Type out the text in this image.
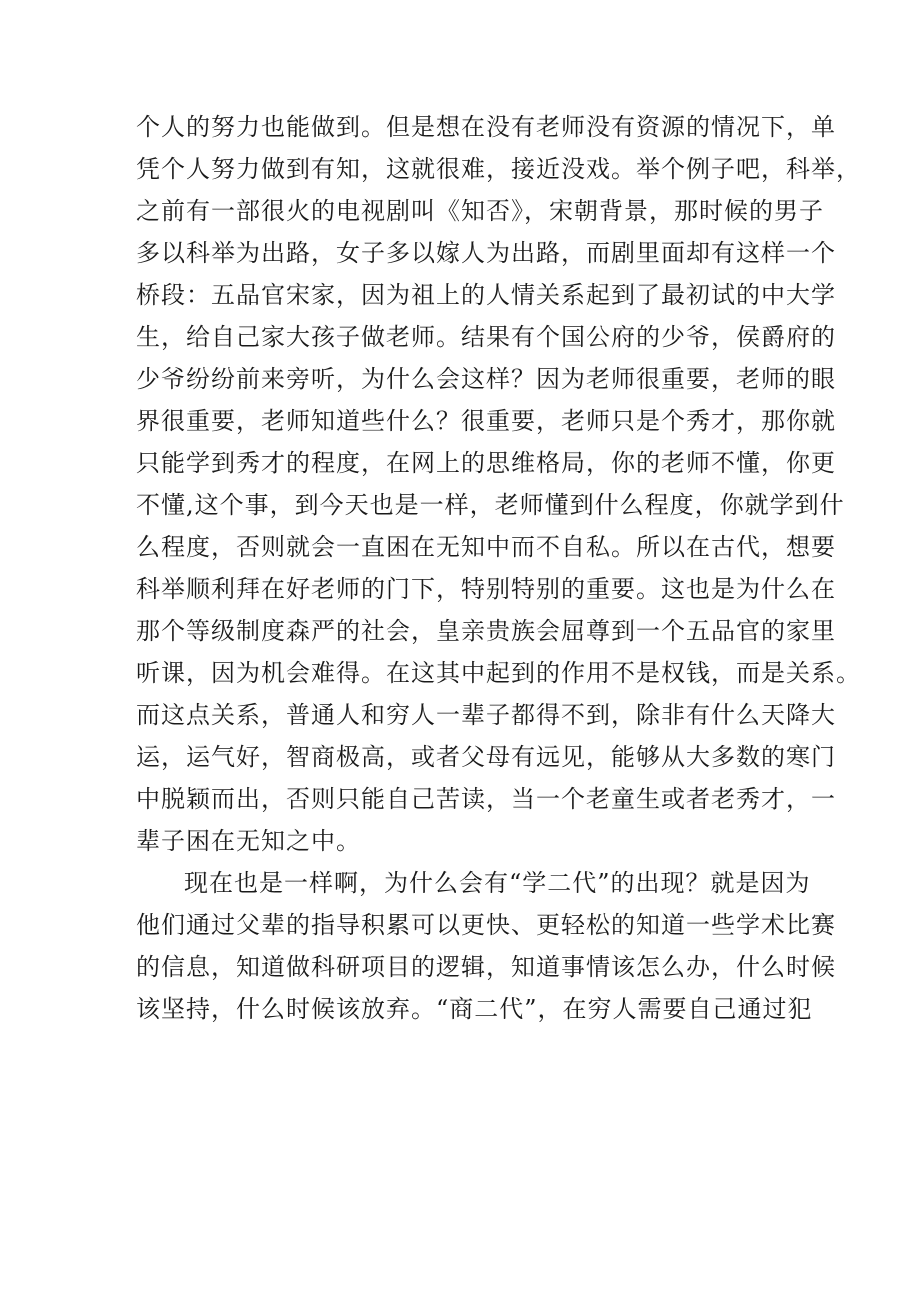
个人的努力也能做到。但是想在没有老师没有资源的情况下，单
凭个人努力做到有知，这就很难，接近没戏。举个例子吧，科举，
之前有一部很火的电视剧叫《知否》，宋朝背景，那时候的男子
多以科举为出路，女子多以嫁人为出路，而剧里面却有这样一个
桥段：五品官宋家，因为祖上的人情关系起到了最初试的中大学
生，给自己家大孩子做老师。结果有个国公府的少爷，侯爵府的
少爷纷纷前来旁听，为什么会这样？因为老师很重要，老师的眼
界很重要，老师知道些什么？很重要，老师只是个秀才，那你就
只能学到秀才的程度，在网上的思维格局，你的老师不懂，你更
不懂,这个事，到今天也是一样，老师懂到什么程度，你就学到什
么程度，否则就会一直困在无知中而不自私。所以在古代，想要
科举顺利拜在好老师的门下，特别特别的重要。这也是为什么在
那个等级制度森严的社会，皇亲贵族会屈尊到一个五品官的家里
听课，因为机会难得。在这其中起到的作用不是权钱，而是关系。
而这点关系，普通人和穷人一辈子都得不到，除非有什么天降大
运，运气好，智商极高，或者父母有远见，能够从大多数的寒门
中脱颖而出，否则只能自己苦读，当一个老童生或者老秀才，一
辈子困在无知之中。
现在也是一样啊，为什么会有“学二代”的出现？就是因为
他们通过父辈的指导积累可以更快、更轻松的知道一些学术比赛
的信息，知道做科研项目的逻辑，知道事情该怎么办，什么时候
该坚持，什么时候该放弃。“商二代”，在穷人需要自己通过犯
